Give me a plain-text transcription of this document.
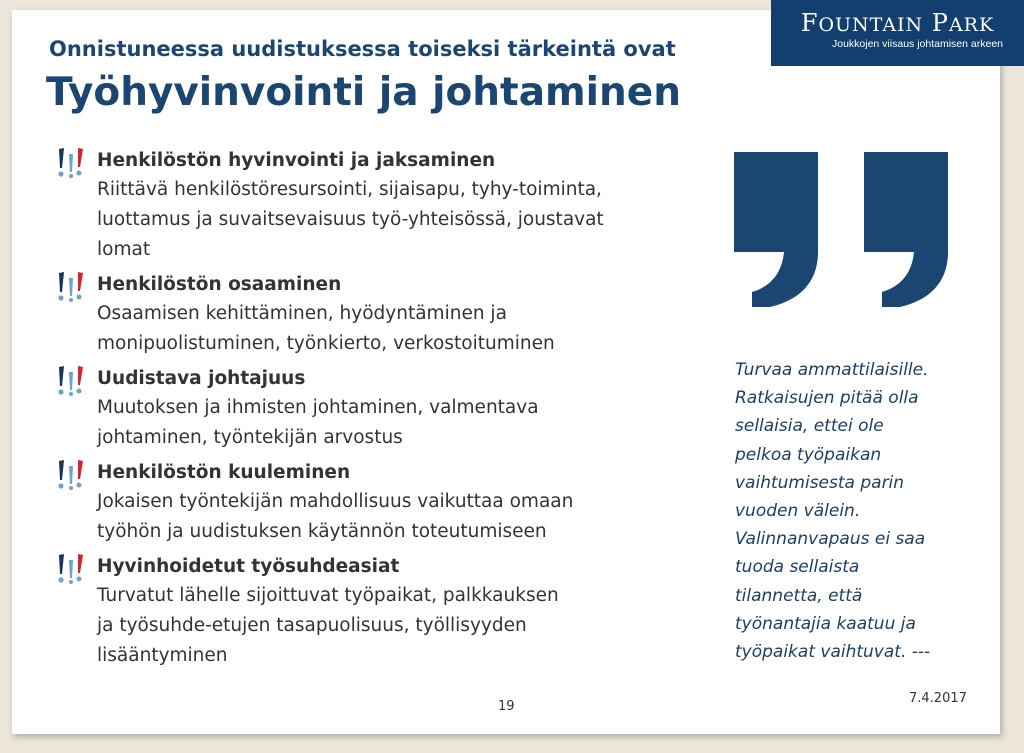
FOUNTAIN PARK
Joukkojen viisaus johtamisen arkeen
Onnistuneessa uudistuksessa toiseksi tärkeintä ovat
Työhyvinvointi ja johtaminen
Henkilöstön hyvinvointi ja jaksaminen
Riittävä henkilöstöresursointi, sijaisapu, tyhy-toiminta,
luottamus ja suvaitsevaisuus työ-yhteisössä, joustavat
lomat
Henkilöstön osaaminen
Osaamisen kehittäminen, hyödyntäminen ja
monipuolistuminen, työnkierto, verkostoituminen
Uudistava johtajuus
Muutoksen ja ihmisten johtaminen, valmentava
johtaminen, työntekijän arvostus
Henkilöstön kuuleminen
Jokaisen työntekijän mahdollisuus vaikuttaa omaan
työhön ja uudistuksen käytännön toteutumiseen
Hyvinhoidetut työsuhdeasiat
Turvatut lähelle sijoittuvat työpaikat, palkkauksen
ja työsuhde-etujen tasapuolisuus, työllisyyden
lisääntyminen
Turvaa ammattilaisille.
Ratkaisujen pitää olla
sellaisia, ettei ole
pelkoa työpaikan
vaihtumisesta parin
vuoden välein.
Valinnanvapaus ei saa
tuoda sellaista
tilannetta, että
työnantajia kaatuu ja
työpaikat vaihtuvat. ---
19
7.4.2017
